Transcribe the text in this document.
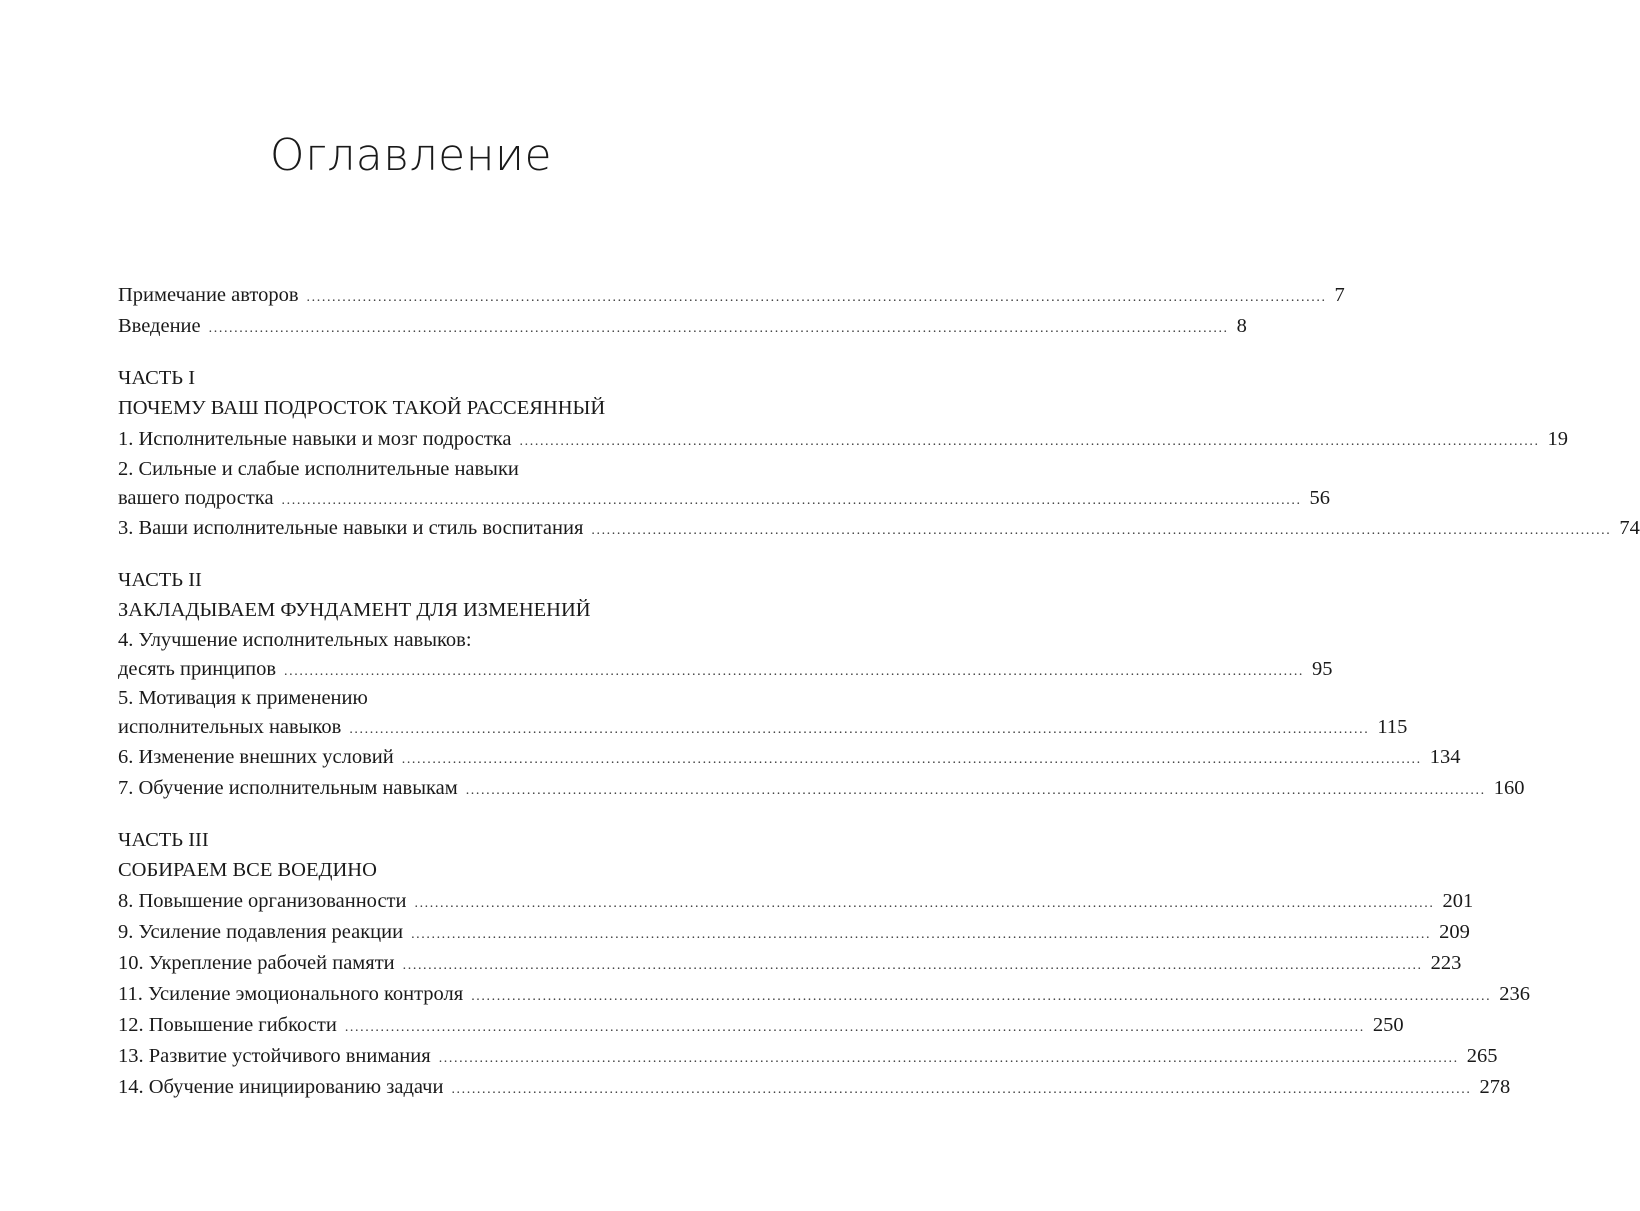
Оглавление
Примечание авторов ........................................................................................................................................................................................................ 7
Введение ........................................................................................................................................................................................................ 8
ЧАСТЬ I
ПОЧЕМУ ВАШ ПОДРОСТОК ТАКОЙ РАССЕЯННЫЙ
1. Исполнительные навыки и мозг подростка ........................................................................................................................................................................................................ 19
2. Сильные и слабые исполнительные навыки
вашего подростка ........................................................................................................................................................................................................ 56
3. Ваши исполнительные навыки и стиль воспитания ........................................................................................................................................................................................................ 74
ЧАСТЬ II
ЗАКЛАДЫВАЕМ ФУНДАМЕНТ ДЛЯ ИЗМЕНЕНИЙ
4. Улучшение исполнительных навыков:
десять принципов ........................................................................................................................................................................................................ 95
5. Мотивация к применению
исполнительных навыков ........................................................................................................................................................................................................ 115
6. Изменение внешних условий ........................................................................................................................................................................................................ 134
7. Обучение исполнительным навыкам ........................................................................................................................................................................................................ 160
ЧАСТЬ III
СОБИРАЕМ ВСЕ ВОЕДИНО
8. Повышение организованности ........................................................................................................................................................................................................ 201
9. Усиление подавления реакции ........................................................................................................................................................................................................ 209
10. Укрепление рабочей памяти ........................................................................................................................................................................................................ 223
11. Усиление эмоционального контроля ........................................................................................................................................................................................................ 236
12. Повышение гибкости ........................................................................................................................................................................................................ 250
13. Развитие устойчивого внимания ........................................................................................................................................................................................................ 265
14. Обучение инициированию задачи ........................................................................................................................................................................................................ 278
